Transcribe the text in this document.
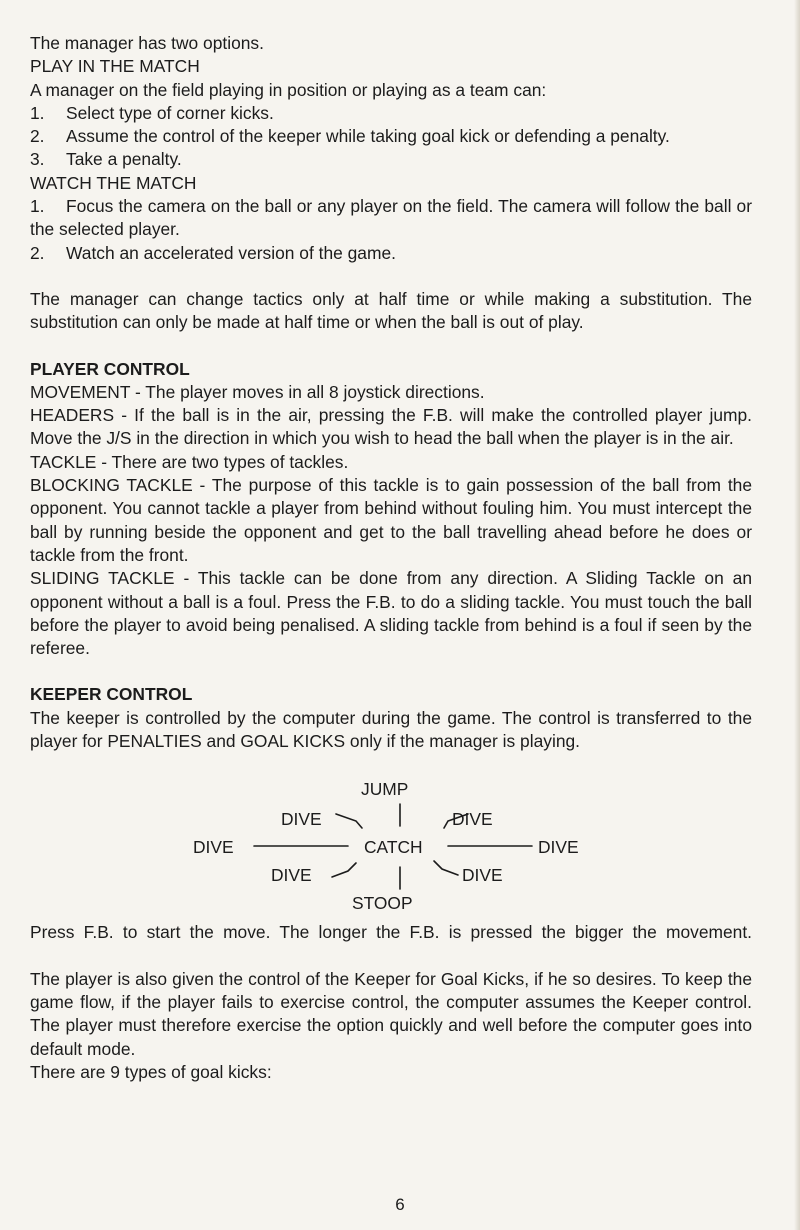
The manager has two options.

PLAY IN THE MATCH

A manager on the field playing in position or playing as a team can:

1. Select type of corner kicks.

2. Assume the control of the keeper while taking goal kick or defending a penalty.

3. Take a penalty.

WATCH THE MATCH

1. Focus the camera on the ball or any player on the field. The camera will follow the ball or the selected player.

2. Watch an accelerated version of the game.

The manager can change tactics only at half time or while making a substitution. The substitution can only be made at half time or when the ball is out of play.

PLAYER CONTROL

MOVEMENT - The player moves in all 8 joystick directions.

HEADERS - If the ball is in the air, pressing the F.B. will make the controlled player jump. Move the J/S in the direction in which you wish to head the ball when the player is in the air.

TACKLE - There are two types of tackles.

BLOCKING TACKLE - The purpose of this tackle is to gain possession of the ball from the opponent. You cannot tackle a player from behind without fouling him. You must intercept the ball by running beside the opponent and get to the ball travelling ahead before he does or tackle from the front.

SLIDING TACKLE - This tackle can be done from any direction. A Sliding Tackle on an opponent without a ball is a foul. Press the F.B. to do a sliding tackle. You must touch the ball before the player to avoid being penalised. A sliding tackle from behind is a foul if seen by the referee.

KEEPER CONTROL

The keeper is controlled by the computer during the game. The control is transferred to the player for PENALTIES and GOAL KICKS only if the manager is playing.

JUMP
DIVE	DIVE
DIVE	CATCH	DIVE
DIVE	DIVE
STOOP

Press F.B. to start the move. The longer the F.B. is pressed the bigger the movement.

The player is also given the control of the Keeper for Goal Kicks, if he so desires. To keep the game flow, if the player fails to exercise control, the computer assumes the Keeper control. The player must therefore exercise the option quickly and well before the computer goes into default mode.

There are 9 types of goal kicks:

6
